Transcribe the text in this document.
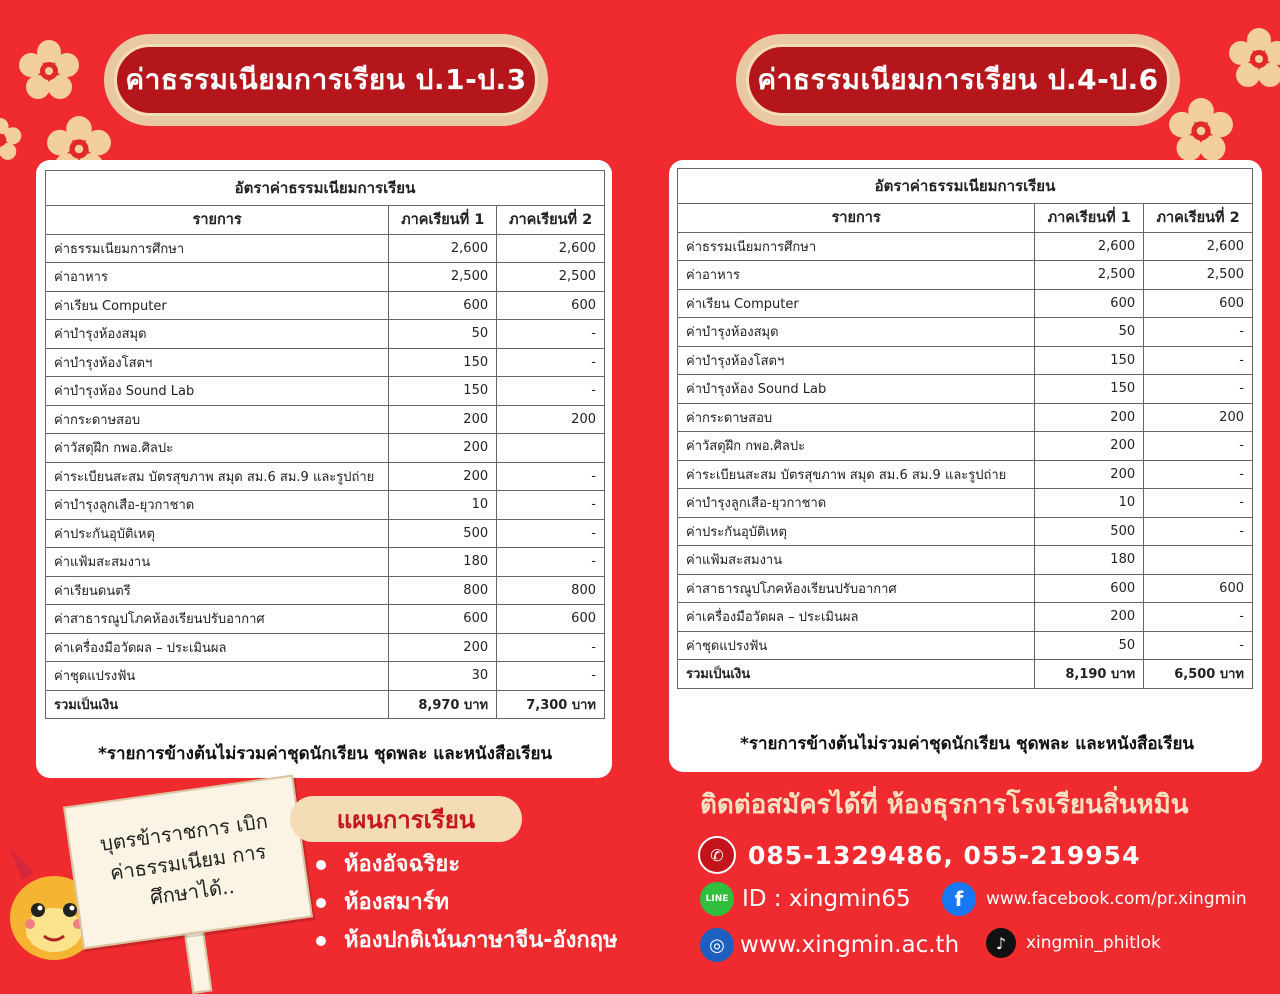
ค่าธรรมเนียมการเรียน ป.1-ป.3	ค่าธรรมเนียมการเรียน ป.4-ป.6
อัตราค่าธรรมเนียมการเรียน		
รายการ	ภาคเรียนที่ 1	ภาคเรียนที่ 2
ค่าธรรมเนียมการศึกษา	2,600	2,600
ค่าอาหาร	2,500	2,500
ค่าเรียน Computer	600	600
ค่าบำรุงห้องสมุด	50	-
ค่าบำรุงห้องโสตฯ	150	-
ค่าบำรุงห้อง Sound Lab	150	-
ค่ากระดาษสอบ	200	200
ค่าวัสดุฝึก กพอ.ศิลปะ	200	
ค่าระเบียนสะสม บัตรสุขภาพ สมุด สม.6 สม.9 และรูปถ่าย	200	-
ค่าบำรุงลูกเสือ-ยุวกาชาด	10	-
ค่าประกันอุบัติเหตุ	500	-
ค่าแฟ้มสะสมงาน	180	-
ค่าเรียนดนตรี	800	800
ค่าสาธารณูปโภคห้องเรียนปรับอากาศ	600	600
ค่าเครื่องมือวัดผล – ประเมินผล	200	-
ค่าชุดแปรงฟัน	30	-
รวมเป็นเงิน	8,970 บาท	7,300 บาท
*รายการข้างต้นไม่รวมค่าชุดนักเรียน ชุดพละ และหนังสือเรียน
อัตราค่าธรรมเนียมการเรียน		
รายการ	ภาคเรียนที่ 1	ภาคเรียนที่ 2
ค่าธรรมเนียมการศึกษา	2,600	2,600
ค่าอาหาร	2,500	2,500
ค่าเรียน Computer	600	600
ค่าบำรุงห้องสมุด	50	-
ค่าบำรุงห้องโสตฯ	150	-
ค่าบำรุงห้อง Sound Lab	150	-
ค่ากระดาษสอบ	200	200
ค่าวัสดุฝึก กพอ.ศิลปะ	200	-
ค่าระเบียนสะสม บัตรสุขภาพ สมุด สม.6 สม.9 และรูปถ่าย	200	-
ค่าบำรุงลูกเสือ-ยุวกาชาด	10	-
ค่าประกันอุบัติเหตุ	500	-
ค่าแฟ้มสะสมงาน	180	
ค่าสาธารณูปโภคห้องเรียนปรับอากาศ	600	600
ค่าเครื่องมือวัดผล – ประเมินผล	200	-
ค่าชุดแปรงฟัน	50	-
รวมเป็นเงิน	8,190 บาท	6,500 บาท
*รายการข้างต้นไม่รวมค่าชุดนักเรียน ชุดพละ และหนังสือเรียน
บุตรข้าราชการ เบิกค่าธรรมเนียม การศึกษาได้..
แผนการเรียน
ห้องอัจฉริยะ
ห้องสมาร์ท
ห้องปกติเน้นภาษาจีน-อังกฤษ
ติดต่อสมัครได้ที่ ห้องธุรการโรงเรียนสิ่นหมิน
✆ 085-1329486, 055-219954
LINE ID : xingmin65	f	www.facebook.com/pr.xingmin
◎ www.xingmin.ac.th	♪	xingmin_phitlok
